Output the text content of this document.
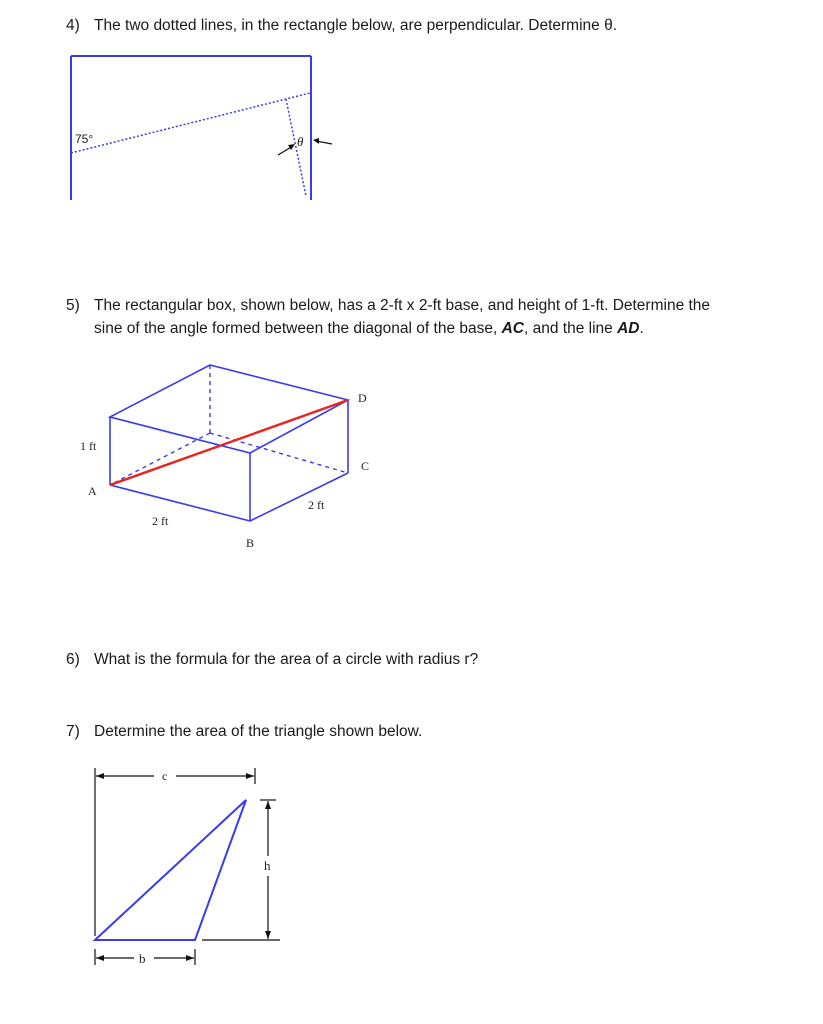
4) The two dotted lines, in the rectangle below, are perpendicular. Determine θ.
75°	θ
5) The rectangular box, shown below, has a 2-ft x 2-ft base, and height of 1-ft. Determine the
sine of the angle formed between the diagonal of the base, AC, and the line AD.
D
C
A
B
1 ft
2 ft
2 ft
6) What is the formula for the area of a circle with radius r?
7) Determine the area of the triangle shown below.
c
h
b
